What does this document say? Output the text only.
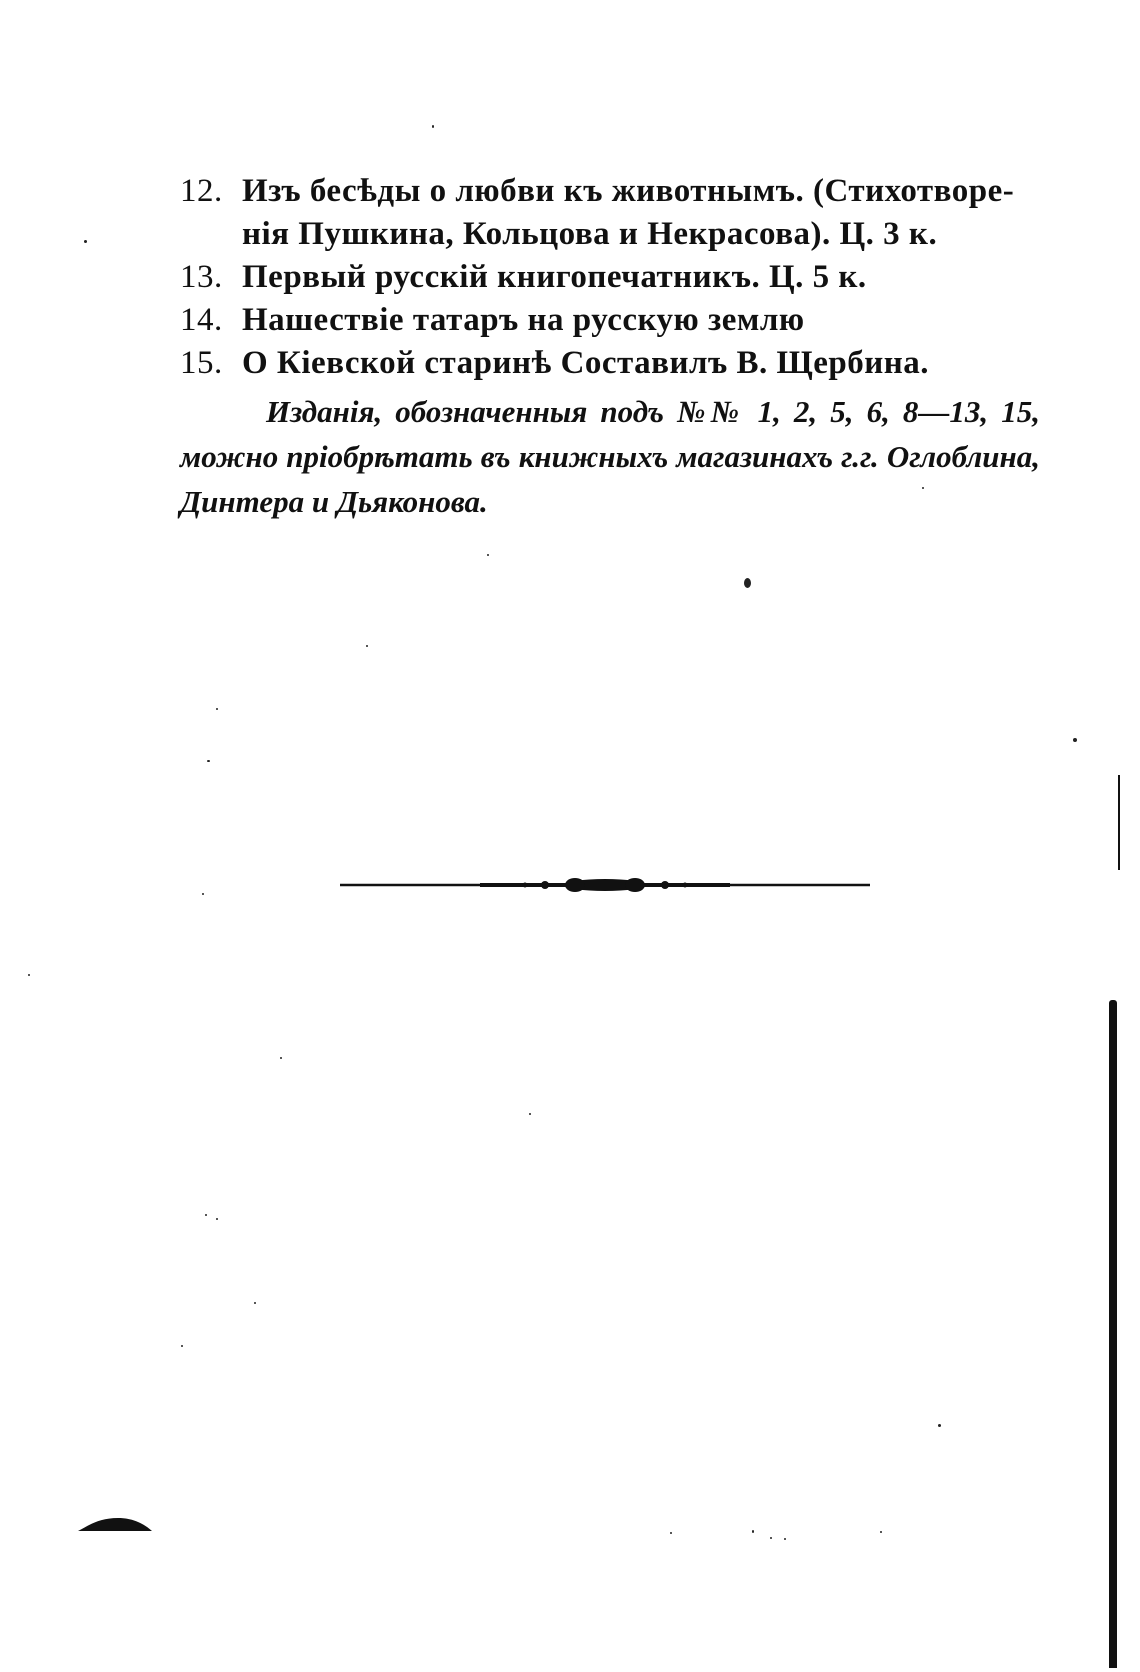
12. Изъ бесѣды о любви къ животнымъ. (Стихотворе-
нія Пушкина, Кольцова и Некрасова). Ц. 3 к.
13. Первый русскій книгопечатникъ. Ц. 5 к.
14. Нашествіе татаръ на русскую землю
15. О Кіевской старинѣ Составилъ В. Щербина.
Изданія, обозначенныя подъ №№ 1, 2, 5, 6, 8—13, 15, можно пріобрѣтать въ книжныхъ магазинахъ г.г. Оглоблина, Динтера и Дьяконова.
